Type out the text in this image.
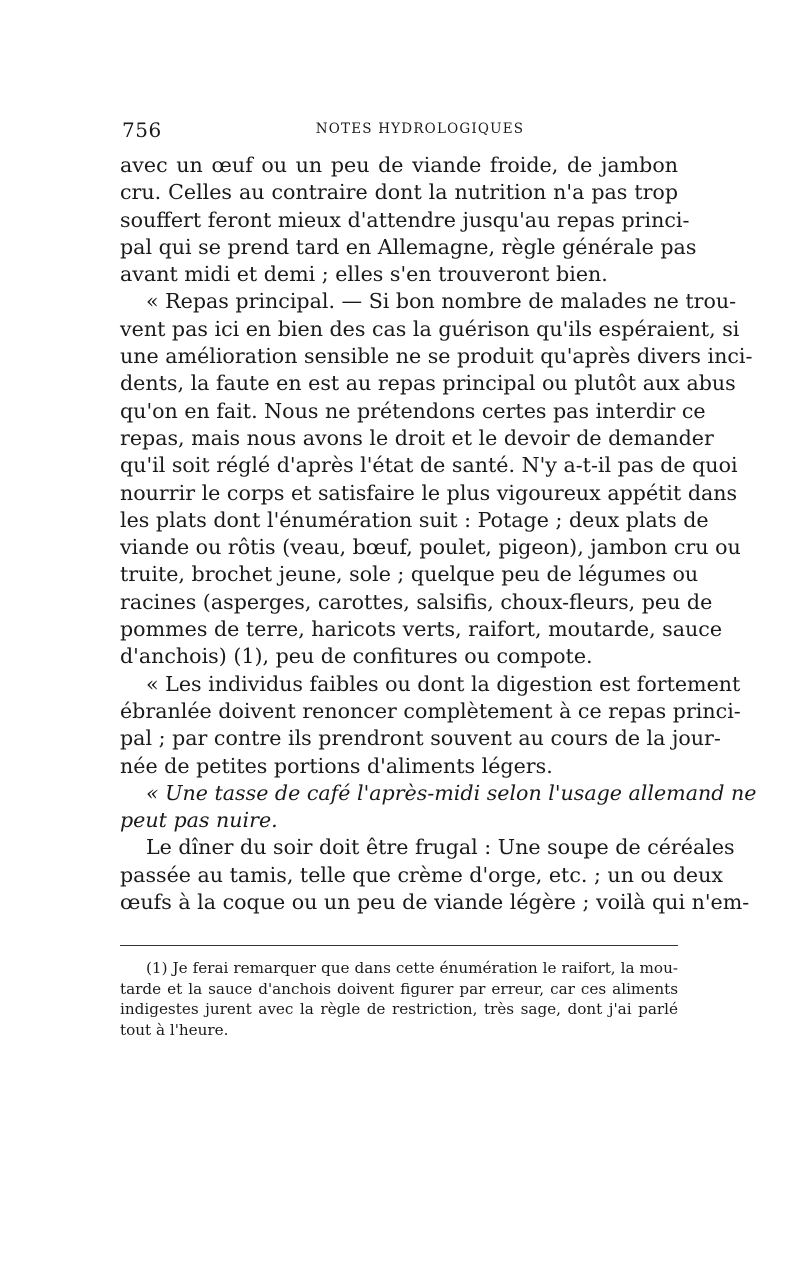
756	NOTES HYDROLOGIQUES
avec un œuf ou un peu de viande froide, de jambon
cru. Celles au contraire dont la nutrition n'a pas trop
souffert feront mieux d'attendre jusqu'au repas princi-
pal qui se prend tard en Allemagne, règle générale pas
avant midi et demi ; elles s'en trouveront bien.
« Repas principal. — Si bon nombre de malades ne trou-
vent pas ici en bien des cas la guérison qu'ils espéraient, si
une amélioration sensible ne se produit qu'après divers inci-
dents, la faute en est au repas principal ou plutôt aux abus
qu'on en fait. Nous ne prétendons certes pas interdir ce
repas, mais nous avons le droit et le devoir de demander
qu'il soit réglé d'après l'état de santé. N'y a-t-il pas de quoi
nourrir le corps et satisfaire le plus vigoureux appétit dans
les plats dont l'énumération suit : Potage ; deux plats de
viande ou rôtis (veau, bœuf, poulet, pigeon), jambon cru ou
truite, brochet jeune, sole ; quelque peu de légumes ou
racines (asperges, carottes, salsifis, choux-fleurs, peu de
pommes de terre, haricots verts, raifort, moutarde, sauce
d'anchois) (1), peu de confitures ou compote.
« Les individus faibles ou dont la digestion est fortement
ébranlée doivent renoncer complètement à ce repas princi-
pal ; par contre ils prendront souvent au cours de la jour-
née de petites portions d'aliments légers.
« Une tasse de café l'après-midi selon l'usage allemand ne
peut pas nuire.
Le dîner du soir doit être frugal : Une soupe de céréales
passée au tamis, telle que crème d'orge, etc. ; un ou deux
œufs à la coque ou un peu de viande légère ; voilà qui n'em-
(1) Je ferai remarquer que dans cette énumération le raifort, la mou-
tarde et la sauce d'anchois doivent figurer par erreur, car ces aliments
indigestes jurent avec la règle de restriction, très sage, dont j'ai parlé
tout à l'heure.
